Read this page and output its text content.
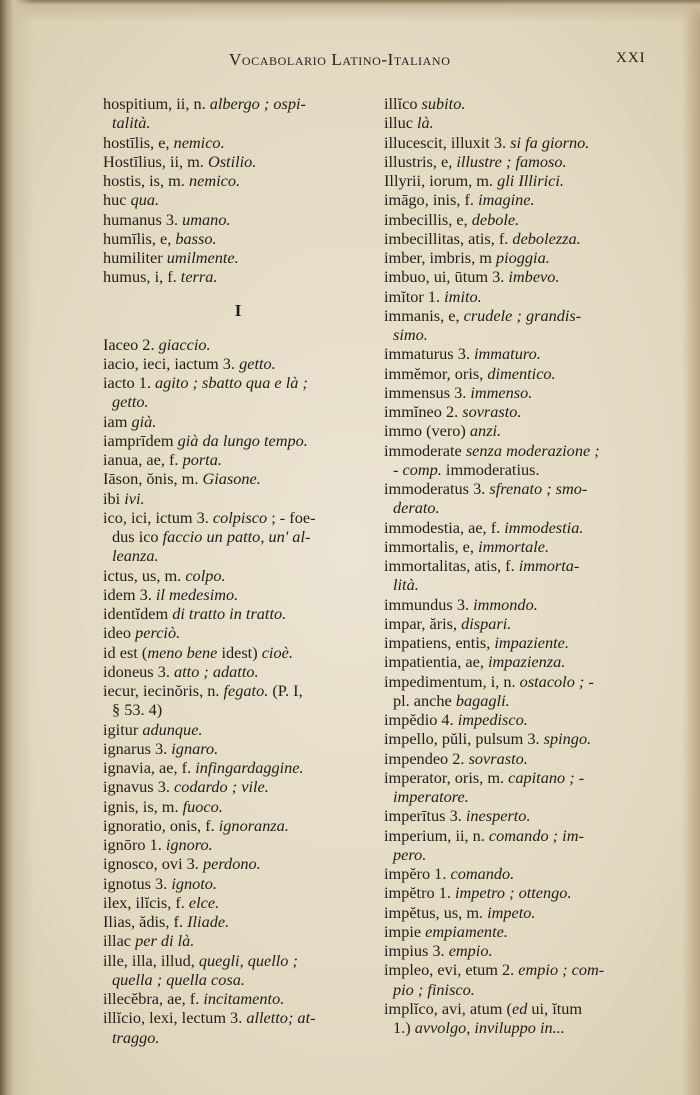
Vocabolario Latino-Italiano	XXI
hospitium, ii, n. albergo ; ospi-
talità.
hostīlis, e, nemico.
Hostīlius, ii, m. Ostilio.
hostis, is, m. nemico.
huc qua.
humanus 3. umano.
humīlis, e, basso.
humiliter umilmente.
humus, i, f. terra.
I
Iaceo 2. giaccio.
iacio, ieci, iactum 3. getto.
iacto 1. agito ; sbatto qua e là ;
getto.
iam già.
iamprīdem già da lungo tempo.
ianua, ae, f. porta.
Iāson, ŏnis, m. Giasone.
ibi ivi.
ico, ici, ictum 3. colpisco ; - foe-
dus ico faccio un patto, un' al-
leanza.
ictus, us, m. colpo.
idem 3. il medesimo.
identĭdem di tratto in tratto.
ideo perciò.
id est (meno bene idest) cioè.
idoneus 3. atto ; adatto.
iecur, iecinŏris, n. fegato. (P. I,
§ 53. 4)
igitur adunque.
ignarus 3. ignaro.
ignavia, ae, f. infingardaggine.
ignavus 3. codardo ; vile.
ignis, is, m. fuoco.
ignoratio, onis, f. ignoranza.
ignōro 1. ignoro.
ignosco, ovi 3. perdono.
ignotus 3. ignoto.
ilex, ilĭcis, f. elce.
Ilias, ădis, f. Iliade.
illac per di là.
ille, illa, illud, quegli, quello ;
quella ; quella cosa.
illecĕbra, ae, f. incitamento.
illĭcio, lexi, lectum 3. alletto; at-
traggo.
illĭco subito.
illuc là.
illucescit, illuxit 3. si fa giorno.
illustris, e, illustre ; famoso.
Illyrii, iorum, m. gli Illirici.
imāgo, inis, f. imagine.
imbecillis, e, debole.
imbecillitas, atis, f. debolezza.
imber, imbris, m pioggia.
imbuo, ui, ūtum 3. imbevo.
imĭtor 1. imito.
immanis, e, crudele ; grandis-
simo.
immaturus 3. immaturo.
immĕmor, oris, dimentico.
immensus 3. immenso.
immĭneo 2. sovrasto.
immo (vero) anzi.
immoderate senza moderazione ;
- comp. immoderatius.
immoderatus 3. sfrenato ; smo-
derato.
immodestia, ae, f. immodestia.
immortalis, e, immortale.
immortalitas, atis, f. immorta-
lità.
immundus 3. immondo.
impar, ăris, dispari.
impatiens, entis, impaziente.
impatientia, ae, impazienza.
impedimentum, i, n. ostacolo ; -
pl. anche bagagli.
impĕdio 4. impedisco.
impello, pŭli, pulsum 3. spingo.
impendeo 2. sovrasto.
imperator, oris, m. capitano ; -
imperatore.
imperītus 3. inesperto.
imperium, ii, n. comando ; im-
pero.
impĕro 1. comando.
impĕtro 1. impetro ; ottengo.
impĕtus, us, m. impeto.
impie empiamente.
impius 3. empio.
impleo, evi, etum 2. empio ; com-
pio ; finisco.
implĭco, avi, atum (ed ui, ĭtum
1.) avvolgo, inviluppo in...
